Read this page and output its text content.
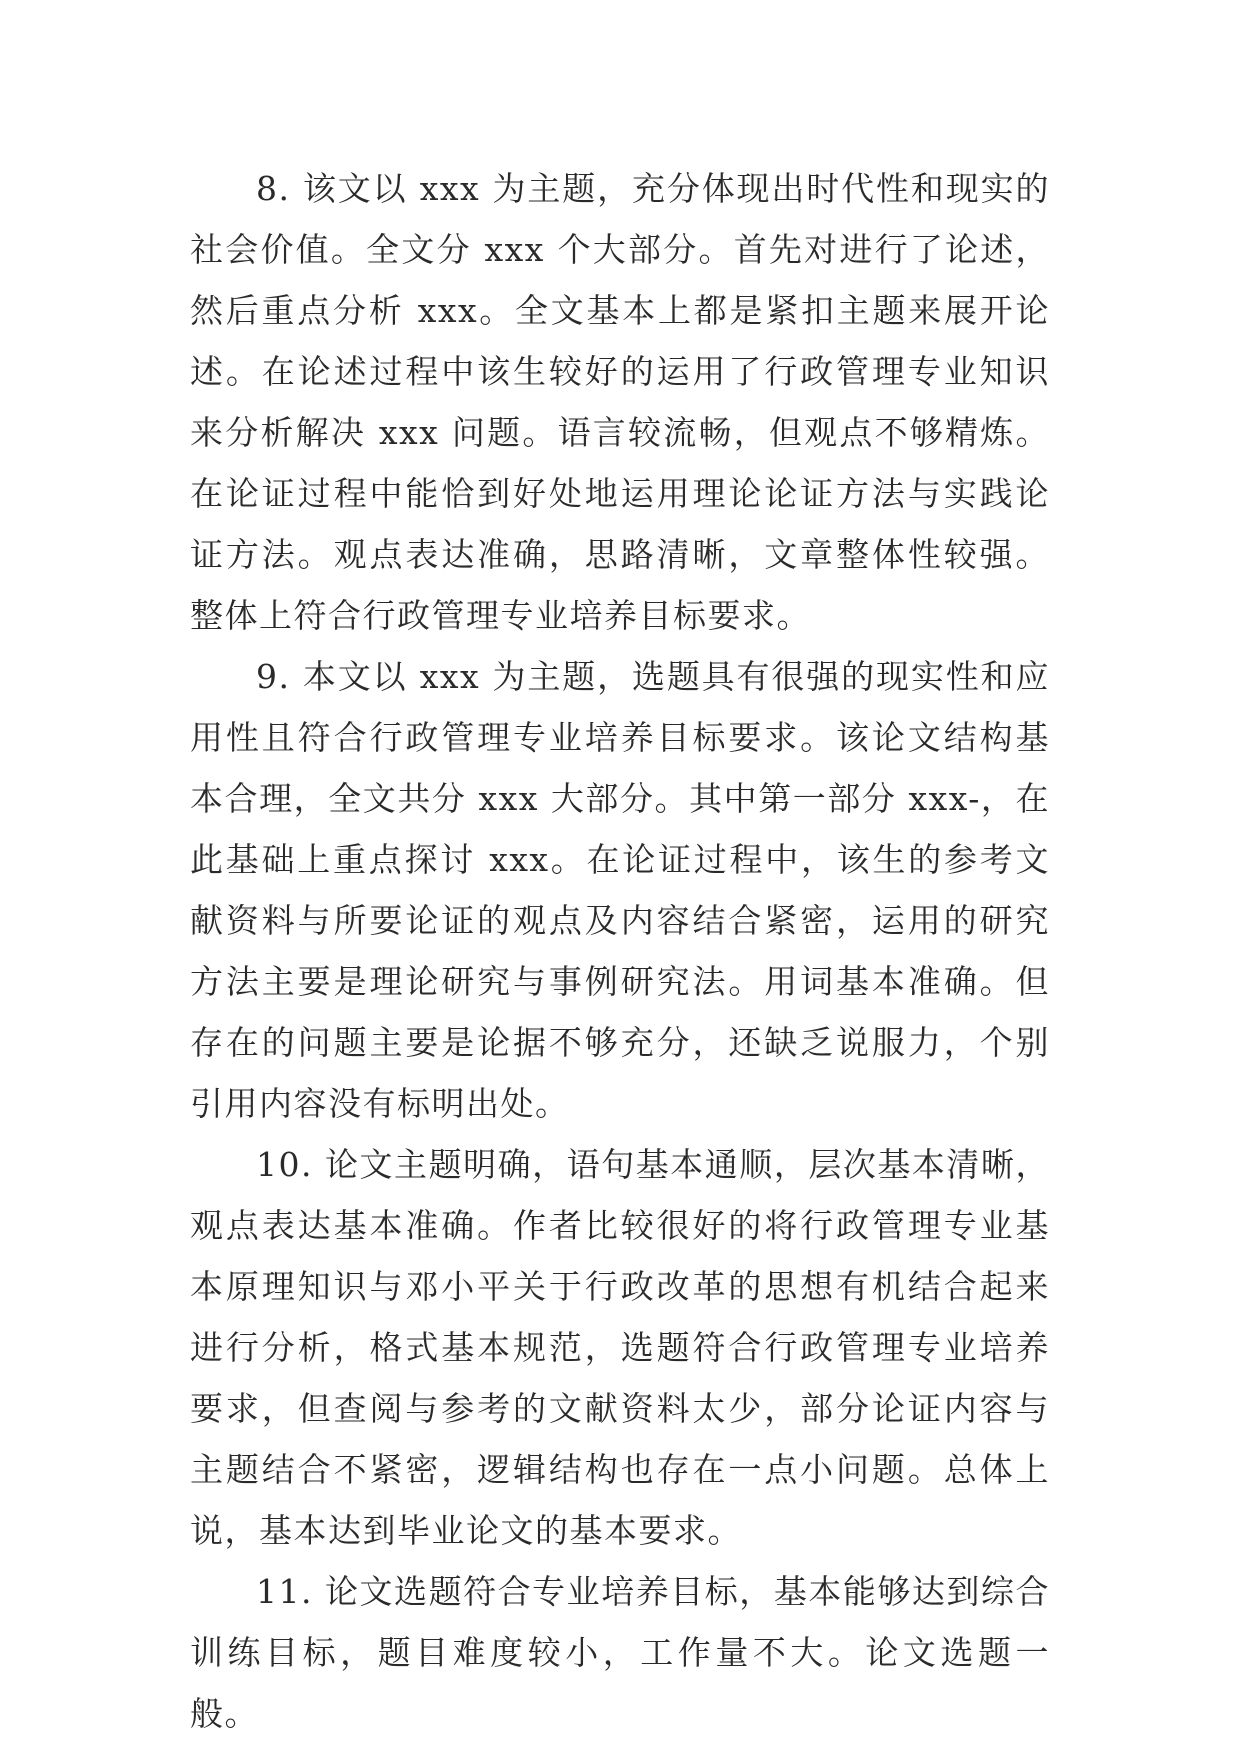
8. 该文以 xxx 为主题，充分体现出时代性和现实的社会价值。全文分 xxx 个大部分。首先对进行了论述，然后重点分析 xxx。全文基本上都是紧扣主题来展开论述。在论述过程中该生较好的运用了行政管理专业知识来分析解决 xxx 问题。语言较流畅，但观点不够精炼。在论证过程中能恰到好处地运用理论论证方法与实践论证方法。观点表达准确，思路清晰，文章整体性较强。整体上符合行政管理专业培养目标要求。

9. 本文以 xxx 为主题，选题具有很强的现实性和应用性且符合行政管理专业培养目标要求。该论文结构基本合理，全文共分 xxx 大部分。其中第一部分 xxx-，在此基础上重点探讨 xxx。在论证过程中，该生的参考文献资料与所要论证的观点及内容结合紧密，运用的研究方法主要是理论研究与事例研究法。用词基本准确。但存在的问题主要是论据不够充分，还缺乏说服力，个别引用内容没有标明出处。

10. 论文主题明确，语句基本通顺，层次基本清晰，观点表达基本准确。作者比较很好的将行政管理专业基本原理知识与邓小平关于行政改革的思想有机结合起来进行分析，格式基本规范，选题符合行政管理专业培养要求，但查阅与参考的文献资料太少，部分论证内容与主题结合不紧密，逻辑结构也存在一点小问题。总体上说，基本达到毕业论文的基本要求。

11. 论文选题符合专业培养目标，基本能够达到综合训练目标，题目难度较小，工作量不大。论文选题一般。
